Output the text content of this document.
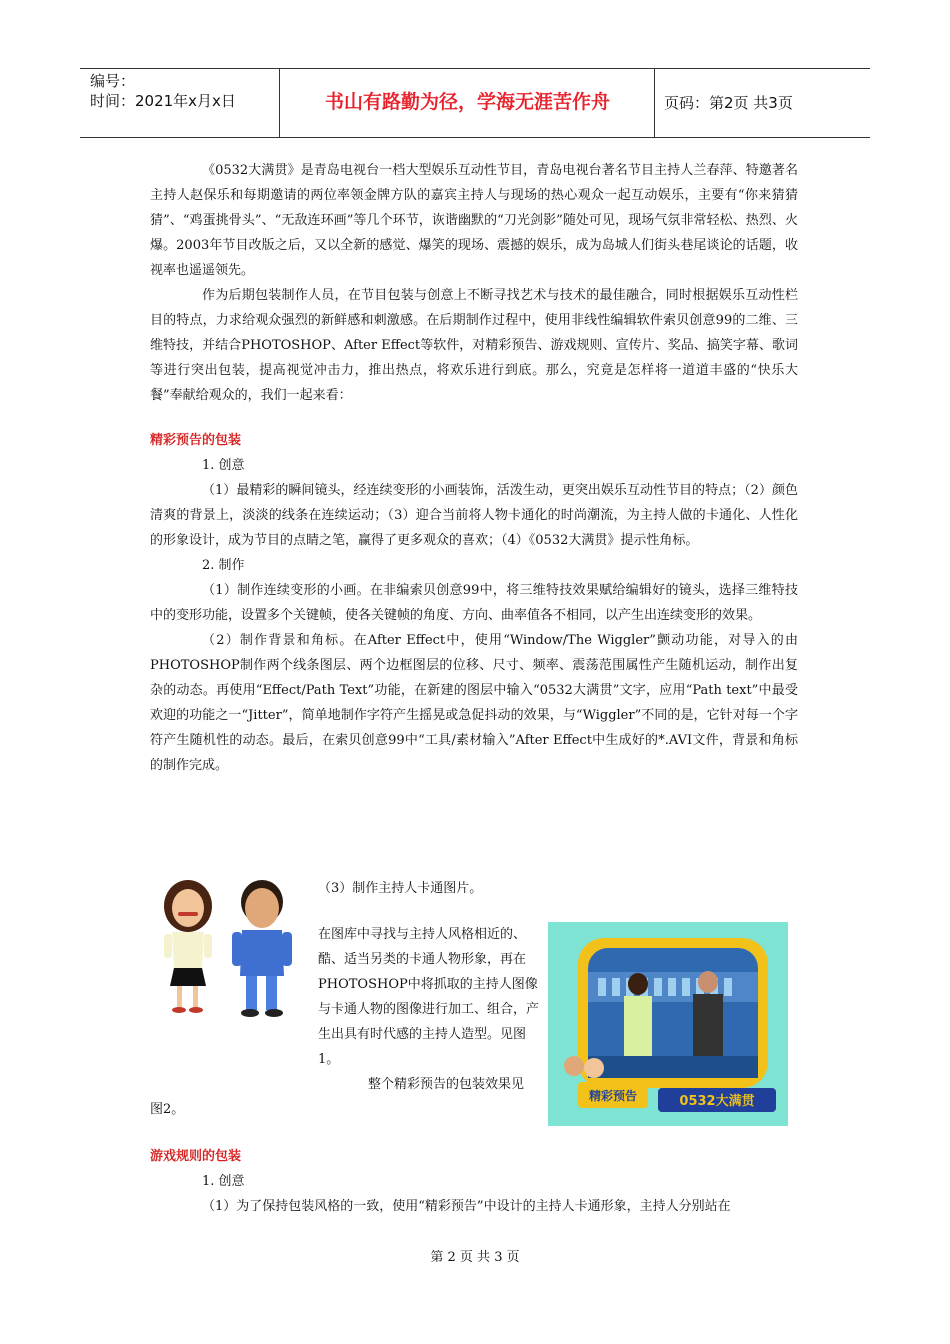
编号：
时间：2021年x月x日	书山有路勤为径，学海无涯苦作舟	页码：第2页 共3页

《0532大满贯》是青岛电视台一档大型娱乐互动性节目，青岛电视台著名节目主持人兰春萍、特邀著名主持人赵保乐和每期邀请的两位率领金牌方队的嘉宾主持人与现场的热心观众一起互动娱乐，主要有“你来猜猜猜”、“鸡蛋挑骨头”、“无敌连环画”等几个环节，诙谐幽默的“刀光剑影”随处可见，现场气氛非常轻松、热烈、火爆。2003年节目改版之后，又以全新的感觉、爆笑的现场、震撼的娱乐，成为岛城人们街头巷尾谈论的话题，收视率也遥遥领先。

作为后期包装制作人员，在节目包装与创意上不断寻找艺术与技术的最佳融合，同时根据娱乐互动性栏目的特点，力求给观众强烈的新鲜感和刺激感。在后期制作过程中，使用非线性编辑软件索贝创意99的二维、三维特技，并结合PHOTOSHOP、After Effect等软件，对精彩预告、游戏规则、宣传片、奖品、搞笑字幕、歌词等进行突出包装，提高视觉冲击力，推出热点，将欢乐进行到底。那么，究竟是怎样将一道道丰盛的“快乐大餐”奉献给观众的，我们一起来看：

精彩预告的包装

1. 创意

（1）最精彩的瞬间镜头，经连续变形的小画装饰，活泼生动，更突出娱乐互动性节目的特点；（2）颜色清爽的背景上，淡淡的线条在连续运动；（3）迎合当前将人物卡通化的时尚潮流，为主持人做的卡通化、人性化的形象设计，成为节目的点睛之笔，赢得了更多观众的喜欢；（4）《0532大满贯》提示性角标。

2. 制作

（1）制作连续变形的小画。在非编索贝创意99中，将三维特技效果赋给编辑好的镜头，选择三维特技中的变形功能，设置多个关键帧，使各关键帧的角度、方向、曲率值各不相同，以产生出连续变形的效果。

（2）制作背景和角标。在After Effect中，使用“Window/The Wiggler”颤动功能，对导入的由PHOTOSHOP制作两个线条图层、两个边框图层的位移、尺寸、频率、震荡范围属性产生随机运动，制作出复杂的动态。再使用“Effect/Path Text”功能，在新建的图层中输入“0532大满贯”文字，应用“Path text”中最受欢迎的功能之一“Jitter”，简单地制作字符产生摇晃或急促抖动的效果，与“Wiggler”不同的是，它针对每一个字符产生随机性的动态。最后，在索贝创意99中“工具/素材输入”After Effect中生成好的*.AVI文件，背景和角标的制作完成。

（3）制作主持人卡通图片。
在图库中寻找与主持人风格相近的、酷、适当另类的卡通人物形象，再在PHOTOSHOP中将抓取的主持人图像与卡通人物的图像进行加工、组合，产生出具有时代感的主持人造型。见图1。
整个精彩预告的包装效果见
图2。
精彩预告	0532大满贯

游戏规则的包装

1. 创意

（1）为了保持包装风格的一致，使用“精彩预告”中设计的主持人卡通形象，主持人分别站在

第 2 页 共 3 页
